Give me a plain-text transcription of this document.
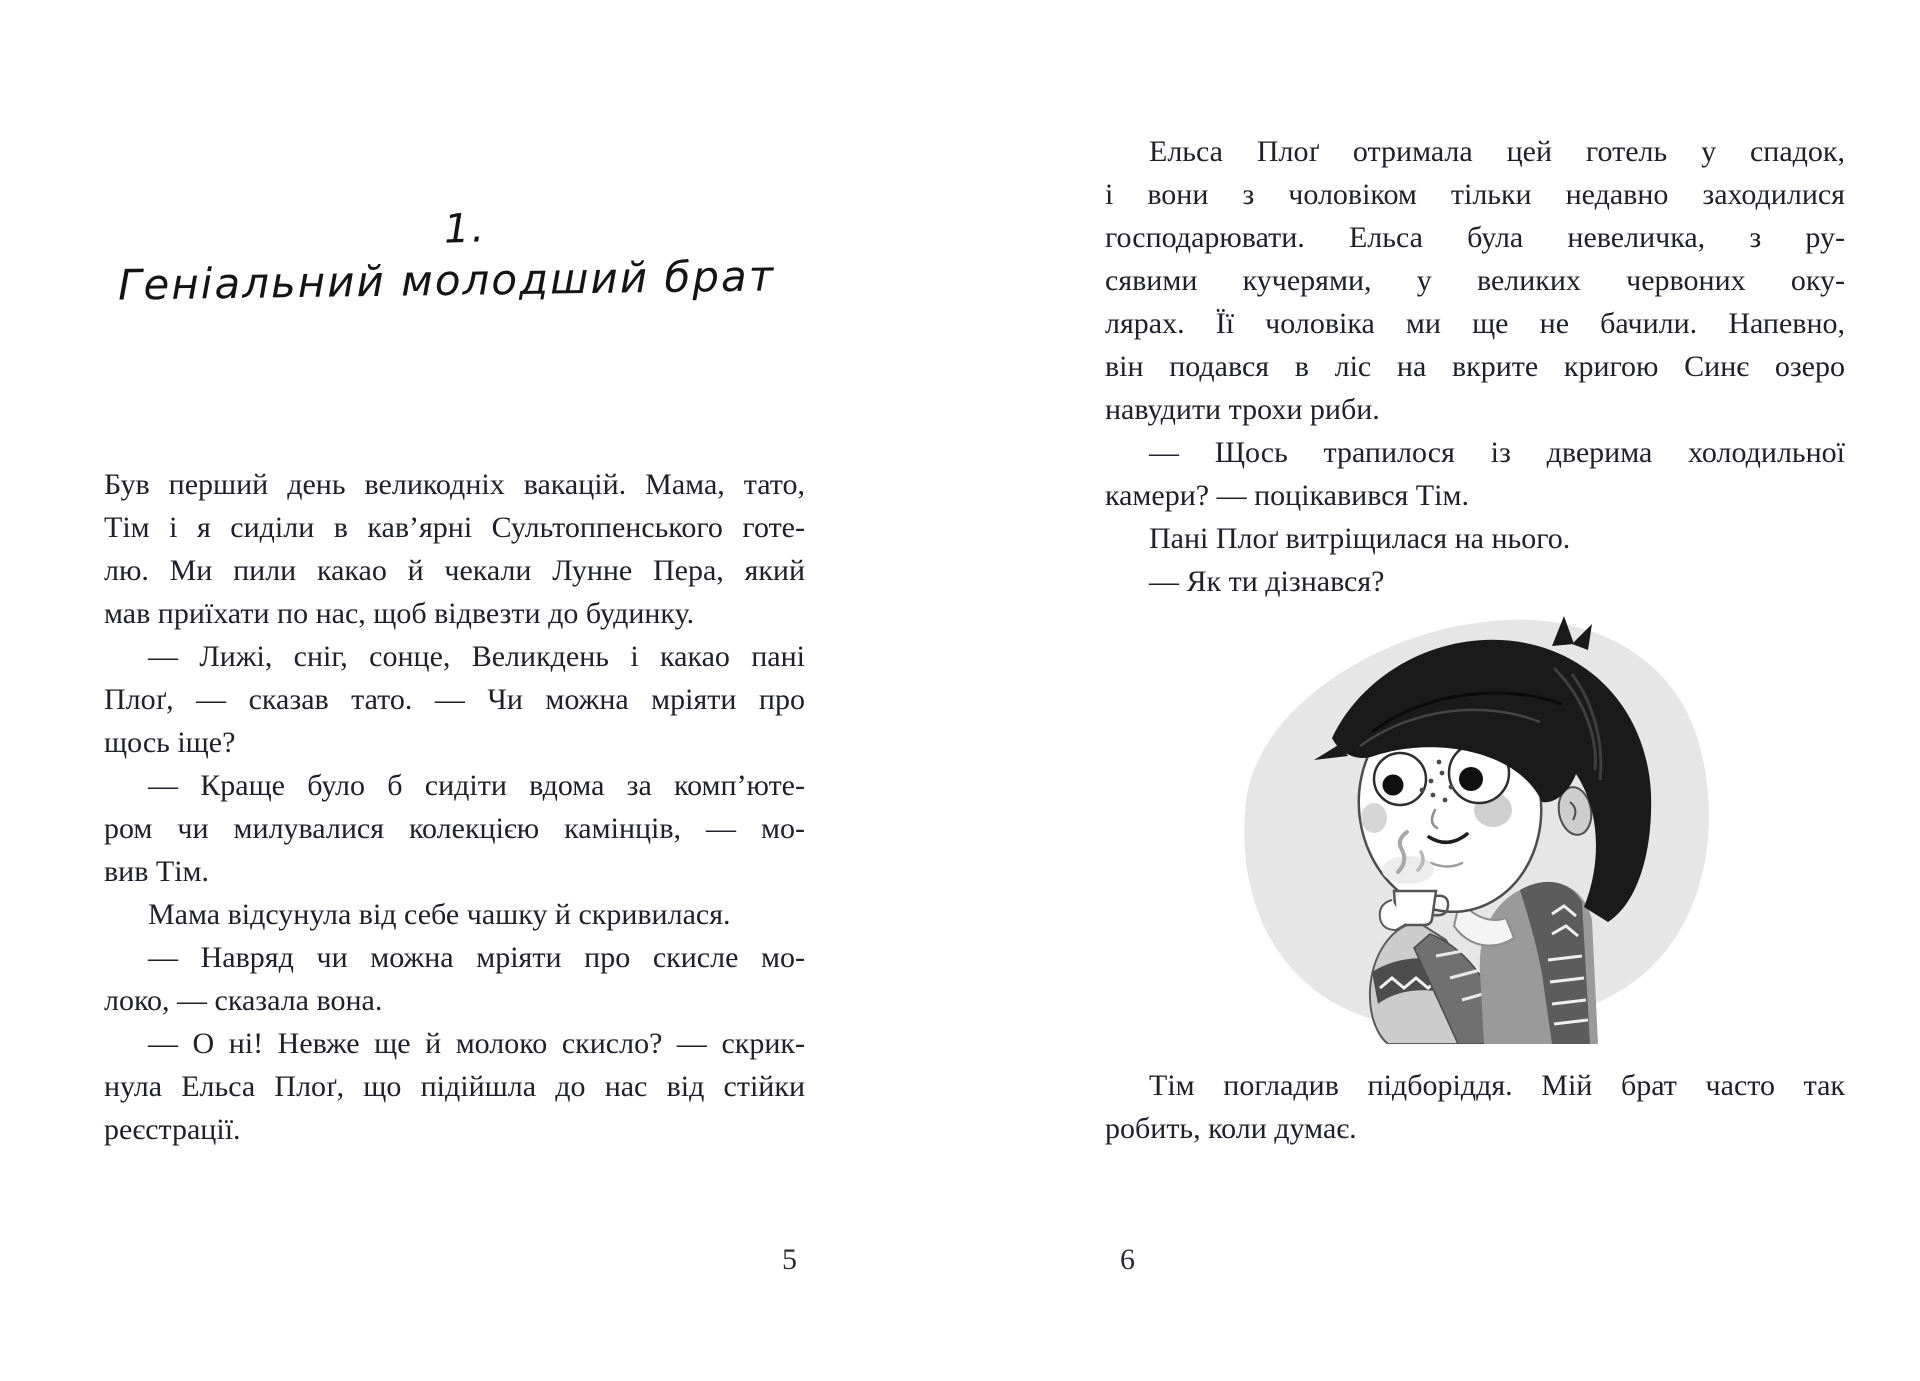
1.
Геніальний молодший брат
Був перший день великодніх вакацій. Мама, тато,
Тім і я сиділи в кав’ярні Сультоппенського готе-
лю. Ми пили какао й чекали Лунне Пера, який
мав приїхати по нас, щоб відвезти до будинку.
— Лижі, сніг, сонце, Великдень і какао пані
Плоґ, — сказав тато. — Чи можна мріяти про
щось іще?
— Краще було б сидіти вдома за комп’юте-
ром чи милувалися колекцією камінців, — мо-
вив Тім.
Мама відсунула від себе чашку й скривилася.
— Навряд чи можна мріяти про скисле мо-
локо, — сказала вона.
— О ні! Невже ще й молоко скисло? — скрик-
нула Ельса Плоґ, що підійшла до нас від стійки
реєстрації.
5
Ельса Плоґ отримала цей готель у спадок,
і вони з чоловіком тільки недавно заходилися
господарювати. Ельса була невеличка, з ру-
сявими кучерями, у великих червоних оку-
лярах. Її чоловіка ми ще не бачили. Напевно,
він подався в ліс на вкрите кригою Синє озеро
навудити трохи риби.
— Щось трапилося із дверима холодильної
камери? — поцікавився Тім.
Пані Плоґ витріщилася на нього.
— Як ти дізнався?
Тім погладив підборіддя. Мій брат часто так
робить, коли думає.
6
